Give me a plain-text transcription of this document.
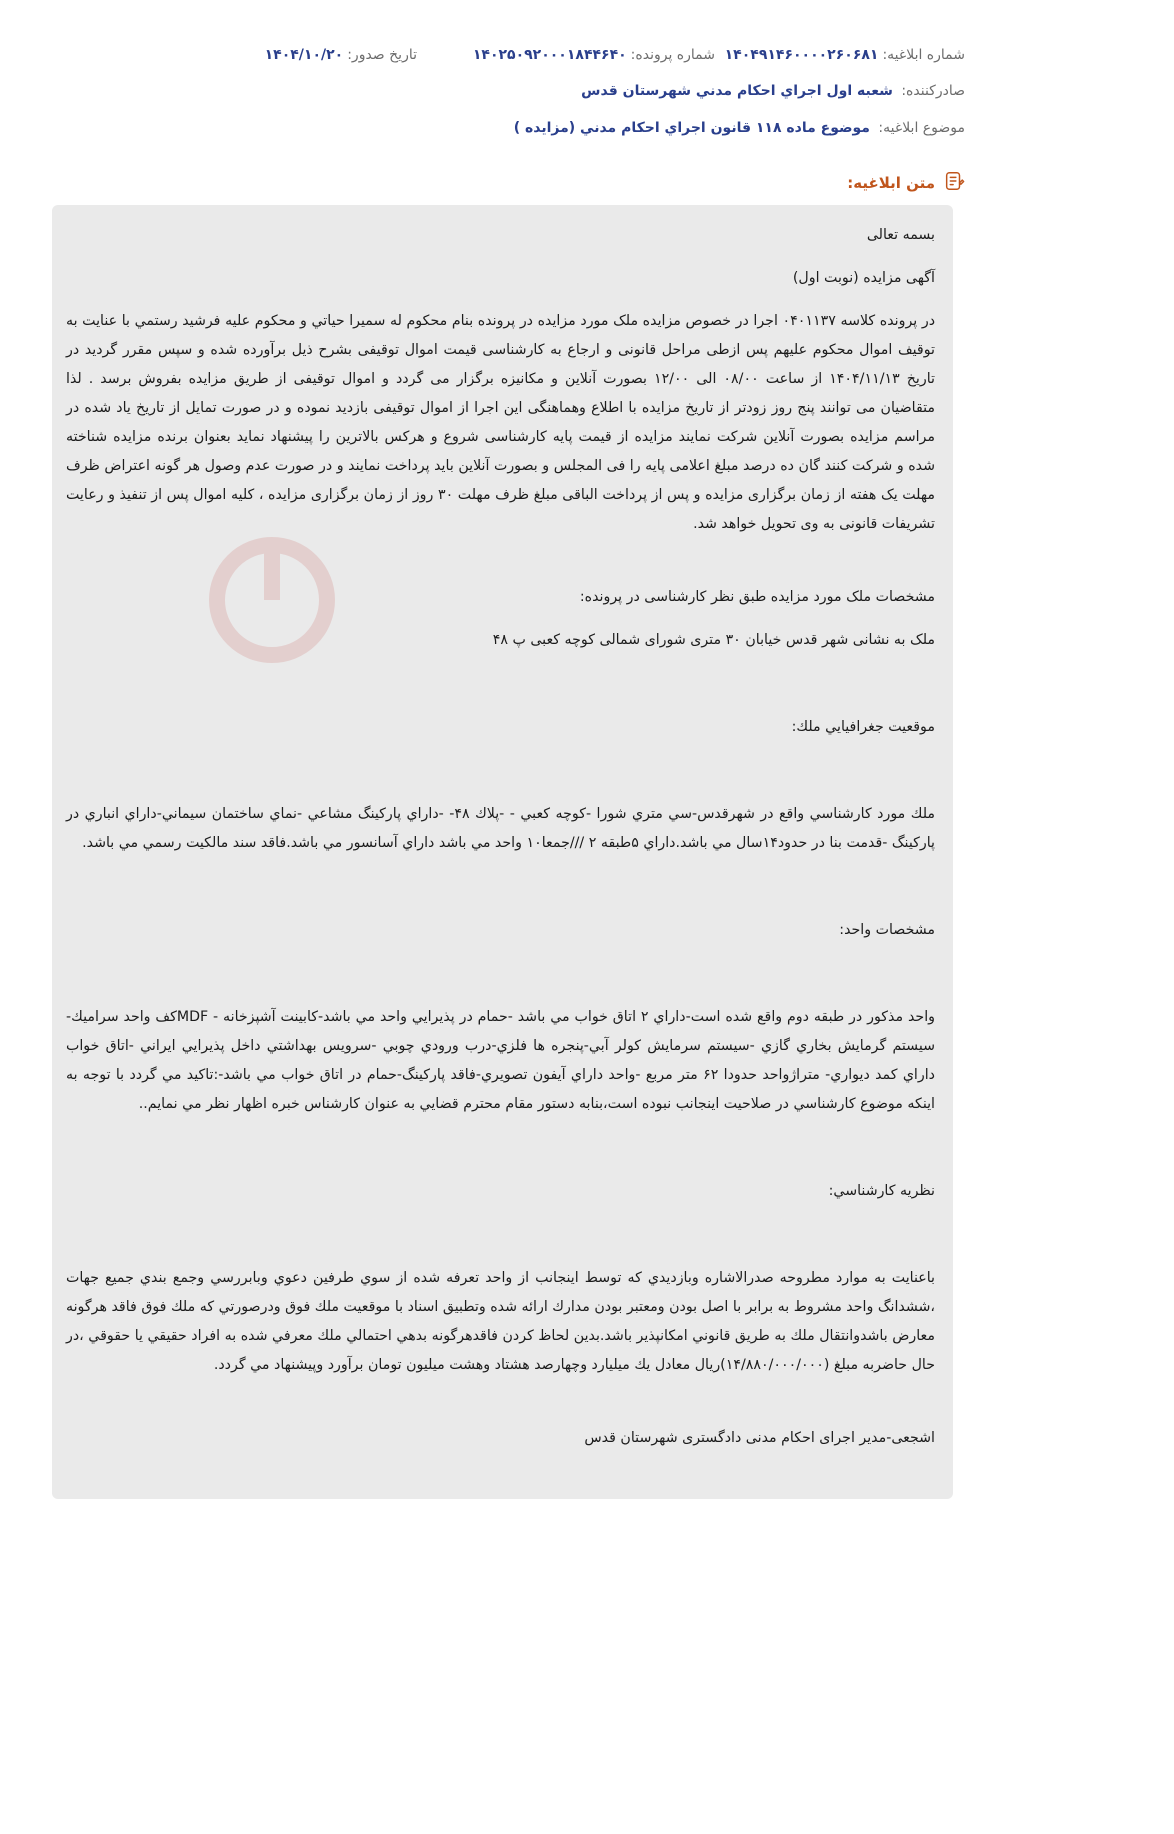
شماره ابلاغيه:
۱۴۰۴۹۱۴۶۰۰۰۰۲۶۰۶۸۱
شماره پرونده:
۱۴۰۲۵۰۹۲۰۰۰۱۸۴۴۶۴۰
تاريخ صدور:
۱۴۰۴/۱۰/۲۰
صادرکننده: شعبه اول اجراي احکام مدني شهرستان قدس
موضوع ابلاغيه: موضوع ماده ۱۱۸ قانون اجراي احكام مدني (مزايده )
متن ابلاغيه:

بسمه تعالی

آگهی مزایده (نوبت اول)

در پرونده کلاسه ۰۴۰۱۱۳۷ اجرا در خصوص مزایده ملک مورد مزایده در پرونده بنام محکوم له سمیرا حیاتي و محکوم علیه فرشید رستمي با عنایت به توقیف اموال محکوم علیهم پس ازطی مراحل قانونی و ارجاع به کارشناسی قیمت اموال توقیفی بشرح ذیل برآورده شده و سپس مقرر گردید در تاریخ ۱۴۰۴/۱۱/۱۳ از ساعت ۰۸/۰۰ الی ۱۲/۰۰ بصورت آنلاین و مکانیزه برگزار می گردد و اموال توقیفی از طریق مزایده بفروش برسد . لذا متقاضیان می توانند پنج روز زودتر از تاریخ مزایده با اطلاع وهماهنگی این اجرا از اموال توقیفی بازدید نموده و در صورت تمایل از تاریخ یاد شده در مراسم مزایده بصورت آنلاین شرکت نمایند مزایده از قیمت پایه کارشناسی شروع و هرکس بالاترین را پیشنهاد نماید بعنوان برنده مزایده شناخته شده و شرکت کنند گان ده درصد مبلغ اعلامی پایه را فی المجلس و بصورت آنلاین باید پرداخت نمایند و در صورت عدم وصول هر گونه اعتراض ظرف مهلت یک هفته از زمان برگزاری مزایده و پس از پرداخت الباقی مبلغ ظرف مهلت ۳۰ روز از زمان برگزاری مزایده ، کلیه اموال پس از تنفیذ و رعایت تشریفات قانونی به وی تحویل خواهد شد.

مشخصات ملک مورد مزایده طبق نظر کارشناسی در پرونده:

ملک به نشانی شهر قدس خیابان ۳۰ متری شورای شمالی کوچه کعبی پ ۴۸

موقعيت جغرافيايي ملك:

ملك مورد كارشناسي واقع در شهرقدس-سي متري شورا -كوچه كعبي - -پلاك ۴۸- -داراي پاركينگ مشاعي -نماي ساختمان سيماني-داراي انباري در پاركينگ -قدمت بنا در حدود۱۴سال مي باشد.داراي ۵طبقه ۲ ///جمعا۱۰ واحد مي باشد داراي آسانسور مي باشد.فاقد سند مالكيت رسمي مي باشد.

مشخصات واحد:

واحد مذكور در طبقه دوم واقع شده است-داراي ۲ اتاق خواب مي باشد -حمام در پذيرايي واحد مي باشد-كابينت آشپزخانه - MDFكف واحد سراميك-سيستم گرمايش بخاري گازي -سيستم سرمايش كولر آبي-پنجره ها فلزي-درب ورودي چوبي -سرويس بهداشتي داخل پذيرايي ايراني -اتاق خواب داراي كمد ديواري- متراژواحد حدودا ۶۲ متر مربع -واحد داراي آيفون تصويري-فاقد پاركينگ-حمام در اتاق خواب مي باشد-:تاكيد مي گردد با توجه به اينكه موضوع كارشناسي در صلاحيت اينجانب نبوده است،بنابه دستور مقام محترم قضايي به عنوان كارشناس خبره اظهار نظر مي نمايم..

نظريه كارشناسي:

باعنايت به موارد مطروحه صدرالاشاره وبازديدي كه توسط اينجانب از واحد تعرفه شده از سوي طرفين دعوي وبابررسي وجمع بندي جميع جهات ،ششدانگ واحد مشروط به برابر با اصل بودن ومعتبر بودن مدارك ارائه شده وتطبيق اسناد با موقعيت ملك فوق ودرصورتي كه ملك فوق فاقد هرگونه معارض باشدوانتقال ملك به طريق قانوني امكانپذير باشد.بدين لحاظ كردن فاقدهرگونه بدهي احتمالي ملك معرفي شده به افراد حقيقي يا حقوقي ،در حال حاضربه مبلغ (۱۴/۸۸۰/۰۰۰/۰۰۰)ريال معادل يك ميليارد وچهارصد هشتاد وهشت ميليون تومان برآورد وپيشنهاد مي گردد.

اشجعی-مدیر اجرای احکام مدنی دادگستری شهرستان قدس
